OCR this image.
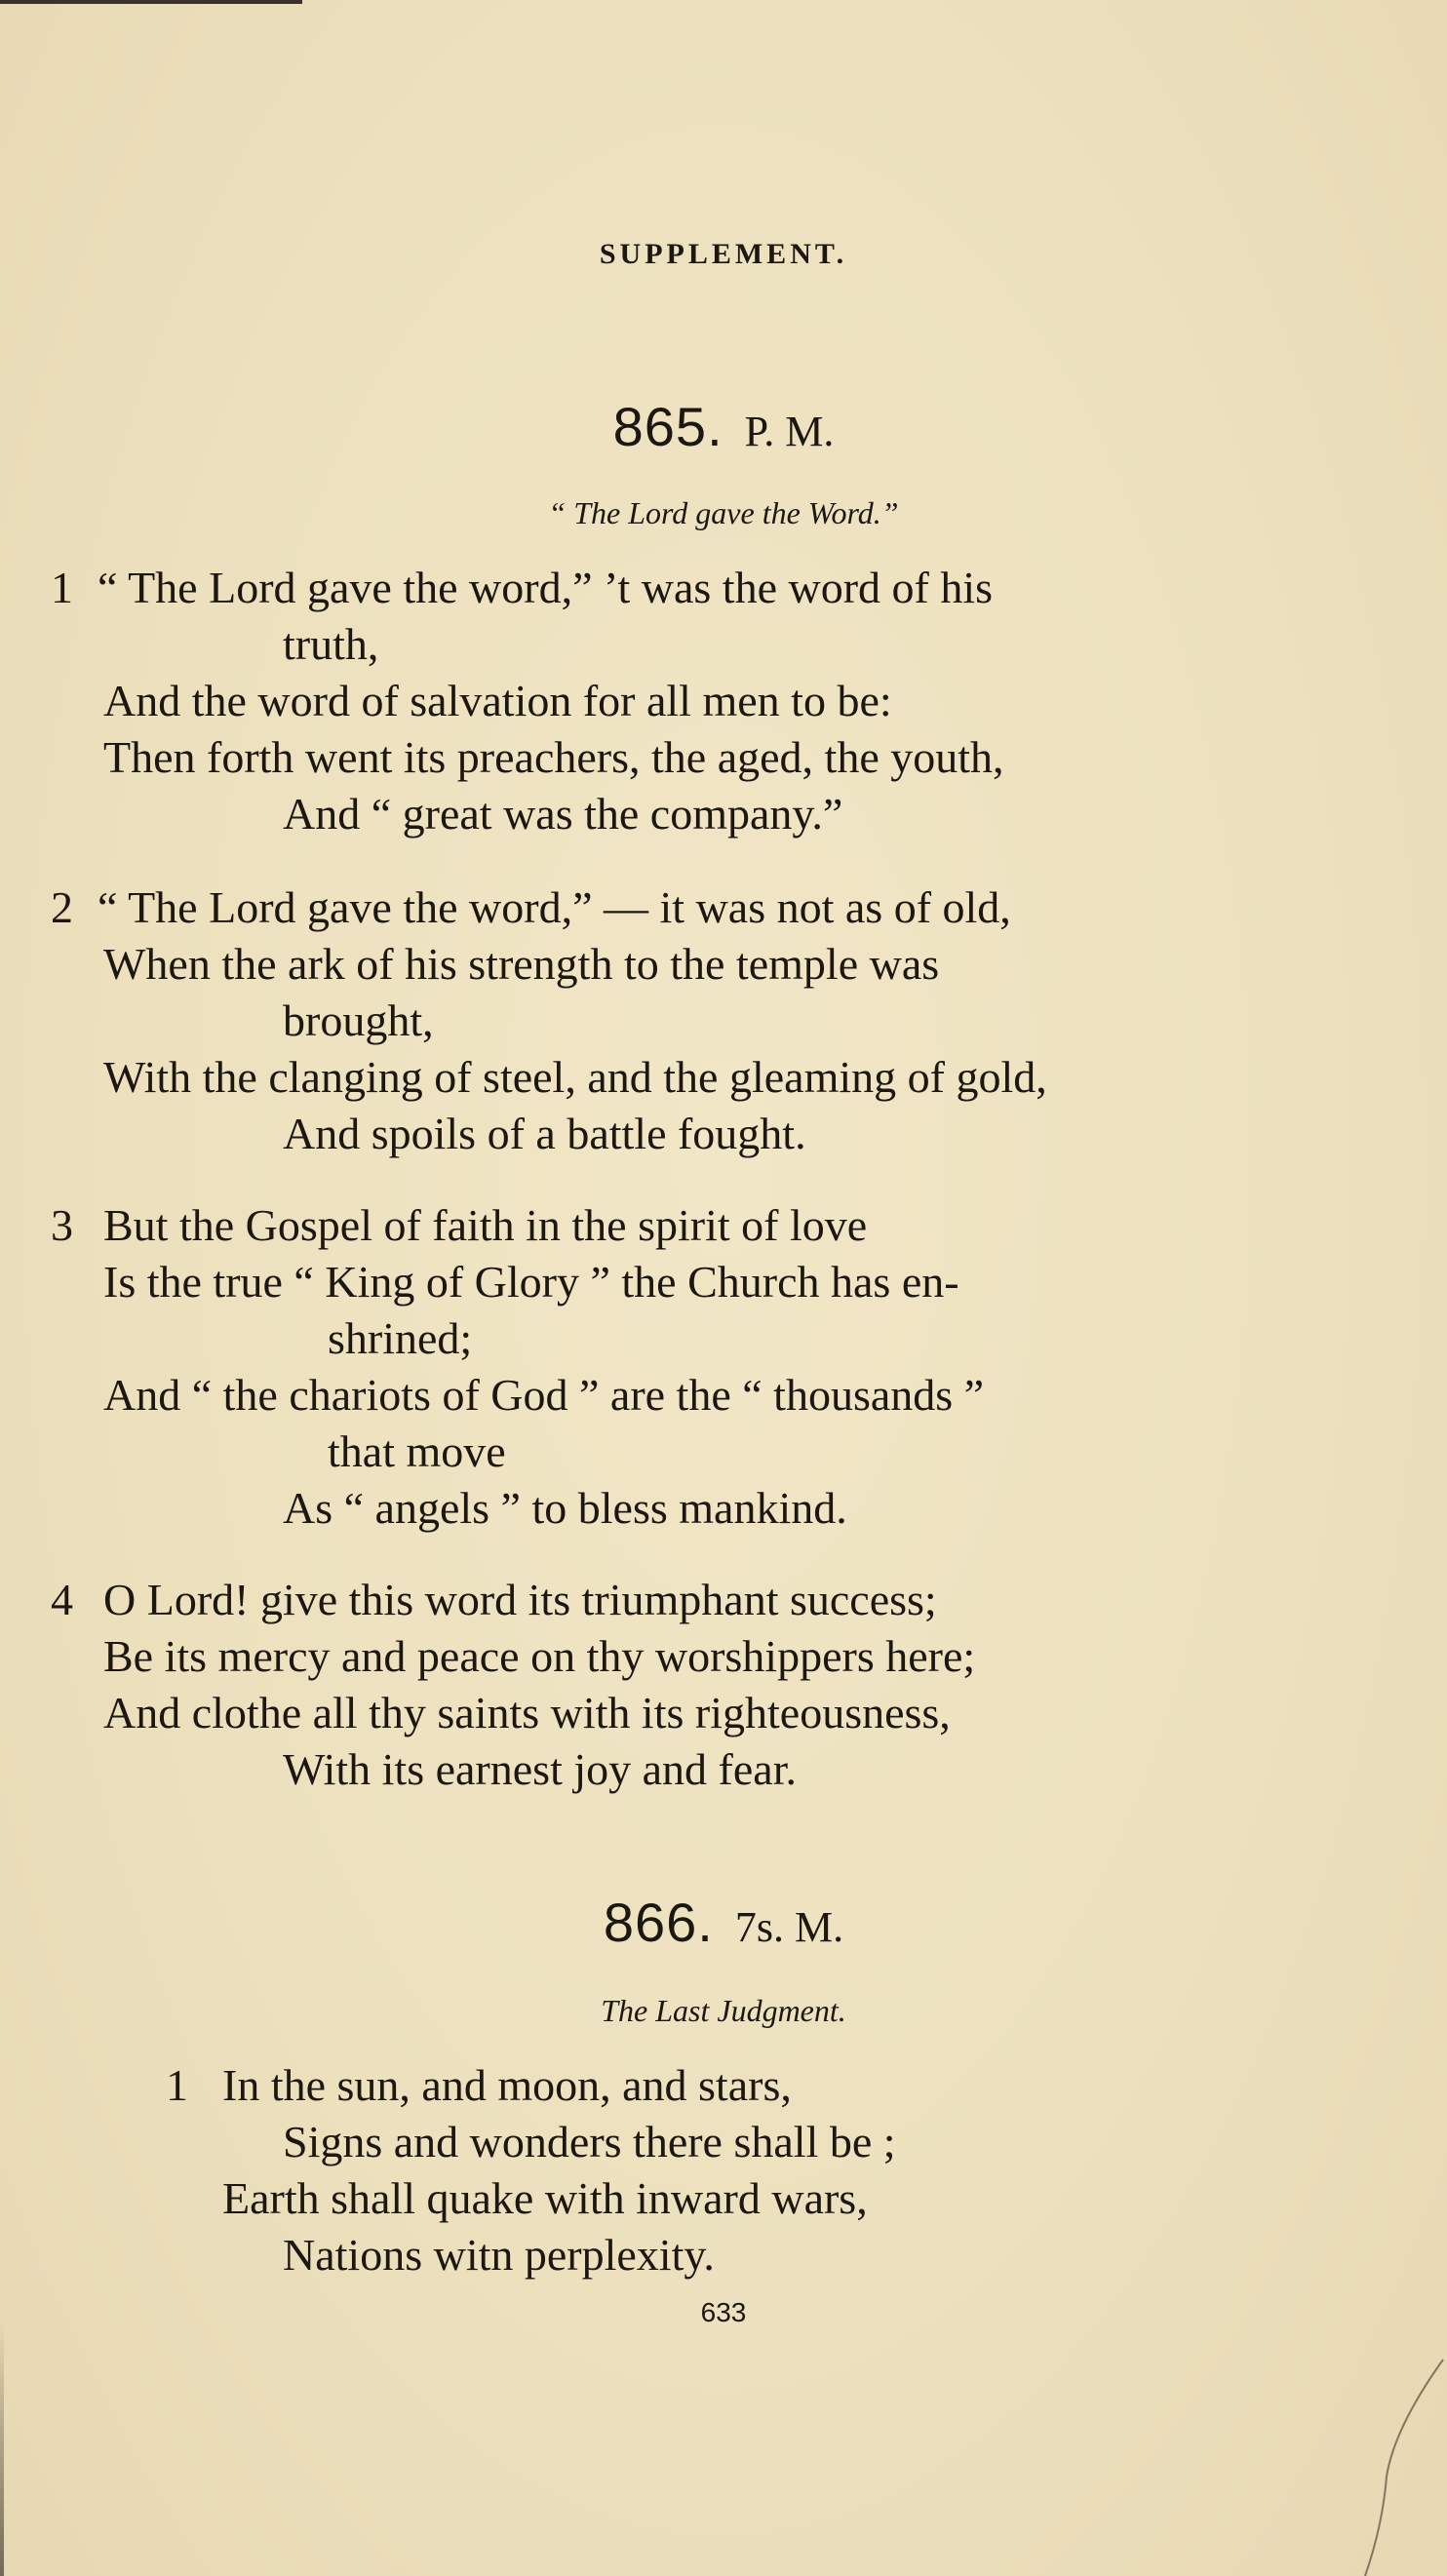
SUPPLEMENT.
865. P. M.
“ The Lord gave the Word.”
1 “ The Lord gave the word,” ’t was the word of his
truth,
And the word of salvation for all men to be:
Then forth went its preachers, the aged, the youth,
And “ great was the company.”
2 “ The Lord gave the word,” — it was not as of old,
When the ark of his strength to the temple was
brought,
With the clanging of steel, and the gleaming of gold,
And spoils of a battle fought.
3 But the Gospel of faith in the spirit of love
Is the true “ King of Glory ” the Church has en-
shrined;
And “ the chariots of God ” are the “ thousands ”
that move
As “ angels ” to bless mankind.
4 O Lord! give this word its triumphant success;
Be its mercy and peace on thy worshippers here;
And clothe all thy saints with its righteousness,
With its earnest joy and fear.
866. 7s. M.
The Last Judgment.
1 In the sun, and moon, and stars,
Signs and wonders there shall be ;
Earth shall quake with inward wars,
Nations witn perplexity.
633
